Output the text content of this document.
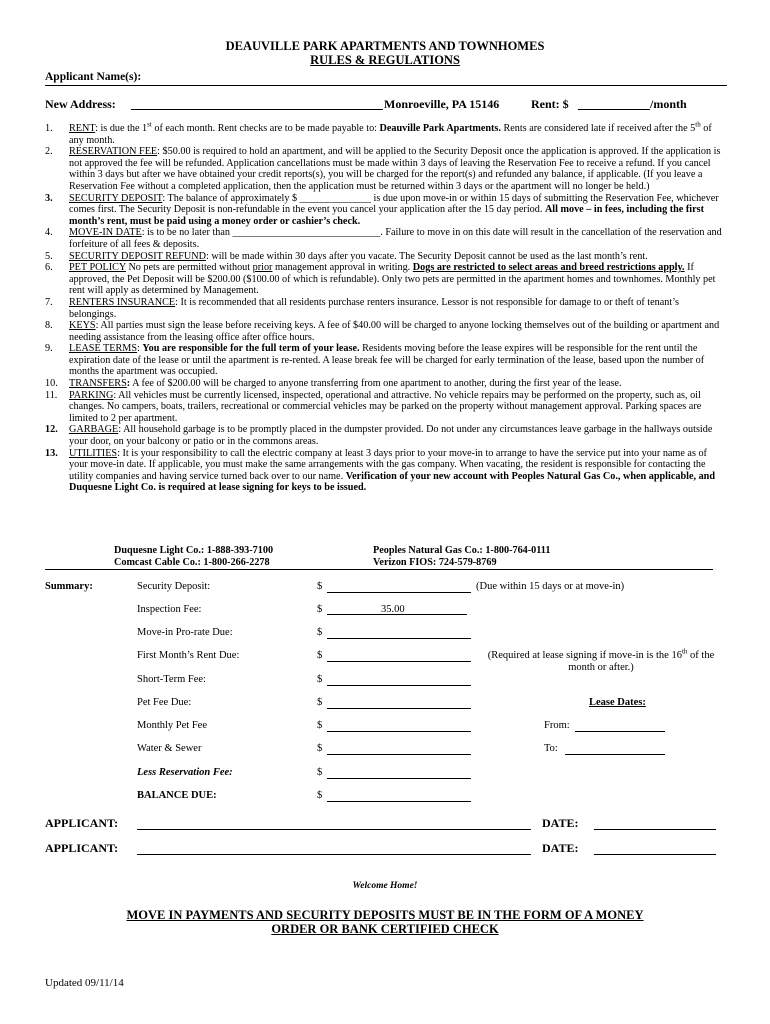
DEAUVILLE PARK APARTMENTS AND TOWNHOMES
RULES & REGULATIONS
Applicant Name(s):
New Address:	Monroeville, PA 15146	Rent: $	/month
1.	RENT: is due the 1st of each month. Rent checks are to be made payable to: Deauville Park Apartments. Rents are considered late if received after the 5th of any month.
2.	RESERVATION FEE: $50.00 is required to hold an apartment, and will be applied to the Security Deposit once the application is approved. If the application is not approved the fee will be refunded. Application cancellations must be made within 3 days of leaving the Reservation Fee to receive a refund. If you cancel within 3 days but after we have obtained your credit reports(s), you will be charged for the report(s) and refunded any balance, if applicable. (If you leave a Reservation Fee without a completed application, then the application must be returned within 3 days or the apartment will no longer be held.)
3.	SECURITY DEPOSIT: The balance of approximately $ ______________ is due upon move-in or within 15 days of submitting the Reservation Fee, whichever comes first. The Security Deposit is non-refundable in the event you cancel your application after the 15 day period. All move – in fees, including the first month’s rent, must be paid using a money order or cashier’s check.
4.	MOVE-IN DATE: is to be no later than _____________________________. Failure to move in on this date will result in the cancellation of the reservation and forfeiture of all fees & deposits.
5.	SECURITY DEPOSIT REFUND: will be made within 30 days after you vacate. The Security Deposit cannot be used as the last month’s rent.
6.	PET POLICY No pets are permitted without prior management approval in writing. Dogs are restricted to select areas and breed restrictions apply. If approved, the Pet Deposit will be $200.00 ($100.00 of which is refundable). Only two pets are permitted in the apartment homes and townhomes. Monthly pet rent will apply as determined by Management.
7.	RENTERS INSURANCE: It is recommended that all residents purchase renters insurance. Lessor is not responsible for damage to or theft of tenant’s belongings.
8.	KEYS: All parties must sign the lease before receiving keys. A fee of $40.00 will be charged to anyone locking themselves out of the building or apartment and needing assistance from the leasing office after office hours.
9.	LEASE TERMS: You are responsible for the full term of your lease. Residents moving before the lease expires will be responsible for the rent until the expiration date of the lease or until the apartment is re-rented. A lease break fee will be charged for early termination of the lease, based upon the number of months the apartment was occupied.
10.	TRANSFERS: A fee of $200.00 will be charged to anyone transferring from one apartment to another, during the first year of the lease.
11.	PARKING: All vehicles must be currently licensed, inspected, operational and attractive. No vehicle repairs may be performed on the property, such as, oil changes. No campers, boats, trailers, recreational or commercial vehicles may be parked on the property without management approval. Parking spaces are limited to 2 per apartment.
12.	GARBAGE: All household garbage is to be promptly placed in the dumpster provided. Do not under any circumstances leave garbage in the hallways outside your door, on your balcony or patio or in the commons areas.
13.	UTILITIES: It is your responsibility to call the electric company at least 3 days prior to your move-in to arrange to have the service put into your name as of your move-in date. If applicable, you must make the same arrangements with the gas company. When vacating, the resident is responsible for contacting the utility companies and having service turned back over to our name. Verification of your new account with Peoples Natural Gas Co., when applicable, and Duquesne Light Co. is required at lease signing for keys to be issued.
Duquesne Light Co.: 1-888-393-7100
Comcast Cable Co.: 1-800-266-2278
Peoples Natural Gas Co.: 1-800-764-0111
Verizon FIOS: 724-579-8769
Summary:	Security Deposit:	$	(Due within 15 days or at move-in)
Inspection Fee:	$	35.00
Move-in Pro-rate Due:	$
First Month’s Rent Due:	$	(Required at lease signing if move-in is the 16th of the month or after.)
Short-Term Fee:	$
Pet Fee Due:	$
Monthly Pet Fee	$
Water & Sewer	$
Less Reservation Fee:	$
BALANCE DUE:	$
Lease Dates:
From:
To:
APPLICANT:	DATE:
APPLICANT:	DATE:
Welcome Home!
MOVE IN PAYMENTS AND SECURITY DEPOSITS MUST BE IN THE FORM OF A MONEY
ORDER OR BANK CERTIFIED CHECK
Updated 09/11/14
